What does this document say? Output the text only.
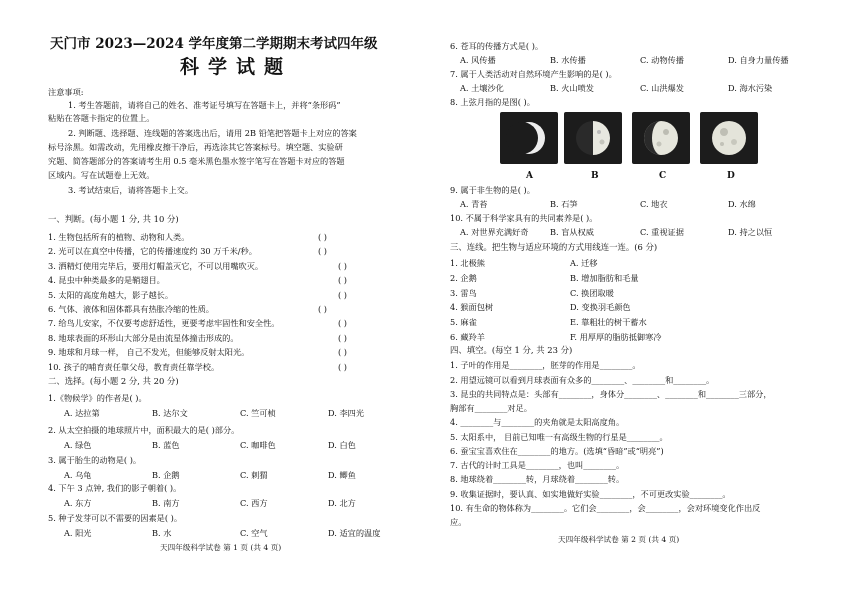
天门市 2023—2024 学年度第二学期期末考试四年级
科学试题
注意事项:
1. 考生答题前，请将自己的姓名、准考证号填写在答题卡上，并将“条形码”
粘贴在答题卡指定的位置上。
2. 判断题、选择题、连线题的答案选出后，请用 2B 铅笔把答题卡上对应的答案
标号涂黑。如需改动，先用橡皮擦干净后，再选涂其它答案标号。填空题、实验研
究题、简答题部分的答案请考生用 0.5 毫米黑色墨水签字笔写在答题卡对应的答题
区域内。写在试题卷上无效。
3. 考试结束后，请将答题卡上交。
一、判断。(每小题 1 分, 共 10 分)
1. 生物包括所有的植物、动物和人类。	( )
2. 光可以在真空中传播，它的传播速度约 30 万千米/秒。	( )
3. 洒精灯使用完毕后，要用灯帽盖灭它，不可以用嘴吹灭。	( )
4. 昆虫中种类最多的是鞘翅目。	( )
5. 太阳的高度角越大，影子越长。	( )
6. 气体、液体和固体都具有热胀冷缩的性质。	( )
7. 给鸟儿安家，不仅要考虑舒适性，更要考虑牢固性和安全性。	( )
8. 地球表面的环形山大部分是由流星体撞击形成的。	( )
9. 地球和月球一样， 自己不发光，但能够反射太阳光。	( )
10. 孩子的哺育责任靠父母，教育责任靠学校。	( )
二、选择。(每小题 2 分, 共 20 分)
1.《物候学》的作者是( )。
A. 达拉第	B. 达尔文	C. 竺可桢	D. 李四光
2. 从太空拍摄的地球照片中，面积最大的是( )部分。
A. 绿色	B. 蓝色	C. 咖啡色	D. 白色
3. 属于胎生的动物是( )。
A. 乌龟	B. 企鹅	C. 刺猬	D. 鲫鱼
4. 下午 3 点钟, 我们的影子朝着( )。
A. 东方	B. 南方	C. 西方	D. 北方
5. 种子发芽可以不需要的因素是( )。
A. 阳光	B. 水	C. 空气	D. 适宜的温度
天四年级科学试卷 第 1 页 (共 4 页)
6. 苍耳的传播方式是( )。
A. 风传播	B. 水传播	C. 动物传播	D. 自身力量传播
7. 属于人类活动对自然环境产生影响的是( )。
A. 土壤沙化	B. 火山喷发	C. 山洪爆发	D. 海水污染
8. 上弦月指的是图( )。
9. 属于非生物的是( )。
A. 青苔	B. 石笋	C. 地衣	D. 水绵
10. 不属于科学家具有的共同素养是( )。
A. 对世界充满好奇	B. 盲从权威	C. 重视证据	D. 持之以恒
A	B	C	D
三、连线。把生物与适应环境的方式用线连一连。(6 分)
1. 北极熊	A. 迁移
2. 企鹅	B. 增加脂肪和毛量
3. 雷鸟	C. 换团取暖
4. 猴面包树	D. 变换羽毛颜色
5. 麻雀	E. 靠粗壮的树干蓄水
6. 藏羚羊	F. 用厚厚的脂肪抵御寒冷
四、填空。(每空 1 分, 共 23 分)
1. 子叶的作用是________，胚芽的作用是________。
2. 用望远镜可以看到月球表面有众多的________、________和________。
3. 昆虫的共同特点是：头部有________，身体分________、________和________三部分，
胸部有________对足。
4. ________与________的夹角就是太阳高度角。
5. 太阳系中， 目前已知唯一有高级生物的行星是________。
6. 蚕宝宝喜欢住在________的地方。(选填“昏暗”或“明亮”)
7. 古代的计时工具是________，也叫________。
8. 地球绕着________转，月球绕着________转。
9. 收集证据时，要认真、如实地做好实验________，不可更改实验________。
10. 有生命的物体称为________。它们会________，会________，会对环境变化作出反
应。
天四年级科学试卷 第 2 页 (共 4 页)
